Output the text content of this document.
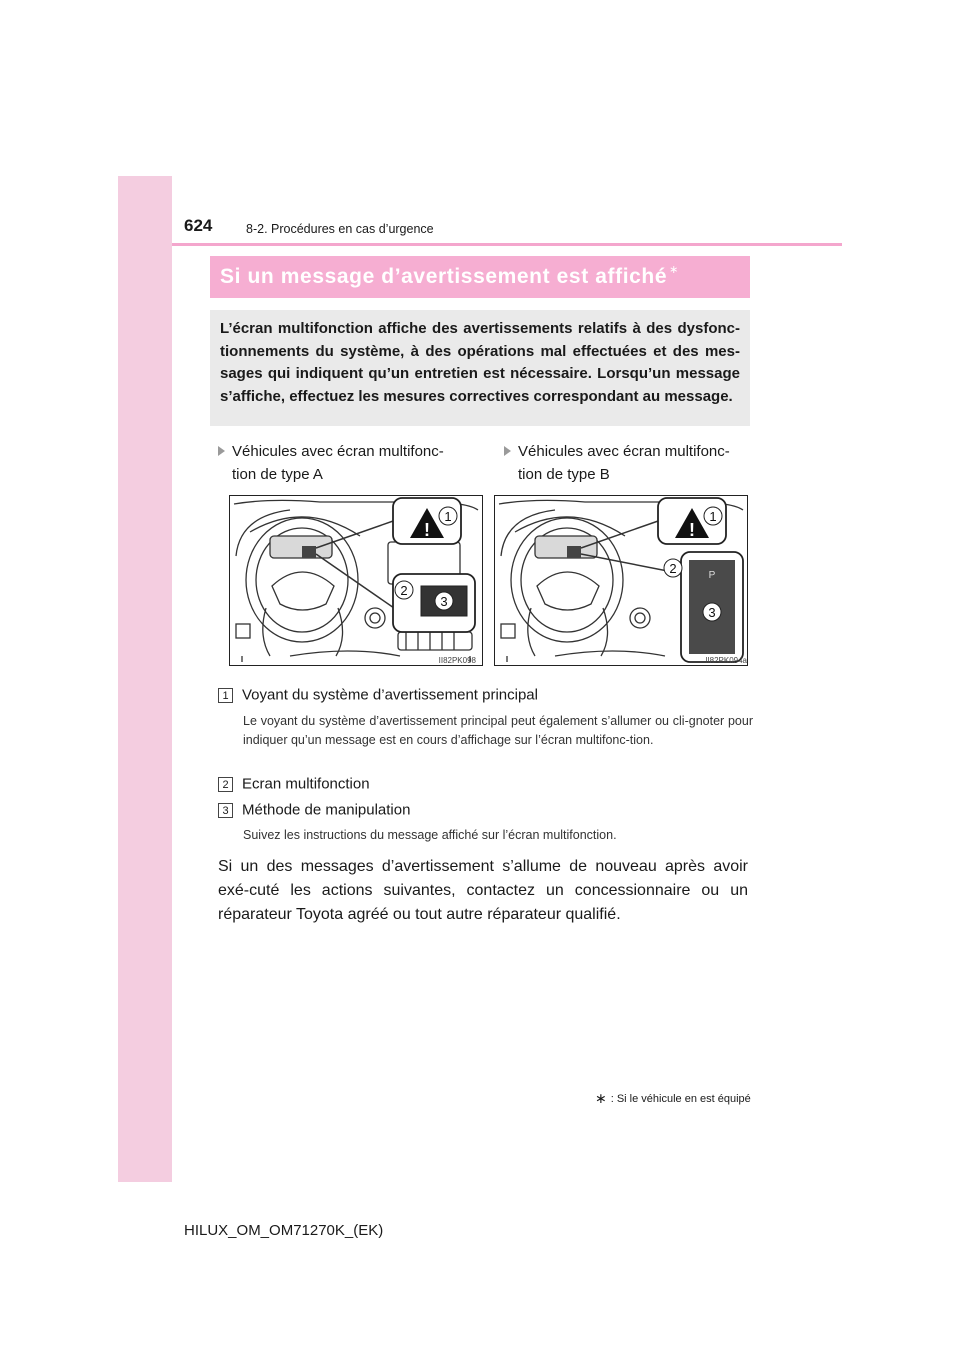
624	8-2. Procédures en cas d’urgence
Si un message d’avertissement est affiché ∗
L’écran multifonction affiche des avertissements relatifs à des dysfonc-tionnements du système, à des opérations mal effectuées et des mes-sages qui indiquent qu’un entretien est nécessaire. Lorsqu’un message s’affiche, effectuez les mesures correctives correspondant au message.
Véhicules avec écran multifonc-
tion de type A
Véhicules avec écran multifonc-
tion de type B
!
1
2
3
II82PK098
!
P
1
2
3
II82PK094a
1 Voyant du système d’avertissement principal
Le voyant du système d’avertissement principal peut également s’allumer ou cli-gnoter pour indiquer qu’un message est en cours d’affichage sur l’écran multifonc-tion.
2 Ecran multifonction
3 Méthode de manipulation
Suivez les instructions du message affiché sur l’écran multifonction.
Si un des messages d’avertissement s’allume de nouveau après avoir exé-cuté les actions suivantes, contactez un concessionnaire ou un réparateur Toyota agréé ou tout autre réparateur qualifié.
∗ : Si le véhicule en est équipé
HILUX_OM_OM71270K_(EK)
